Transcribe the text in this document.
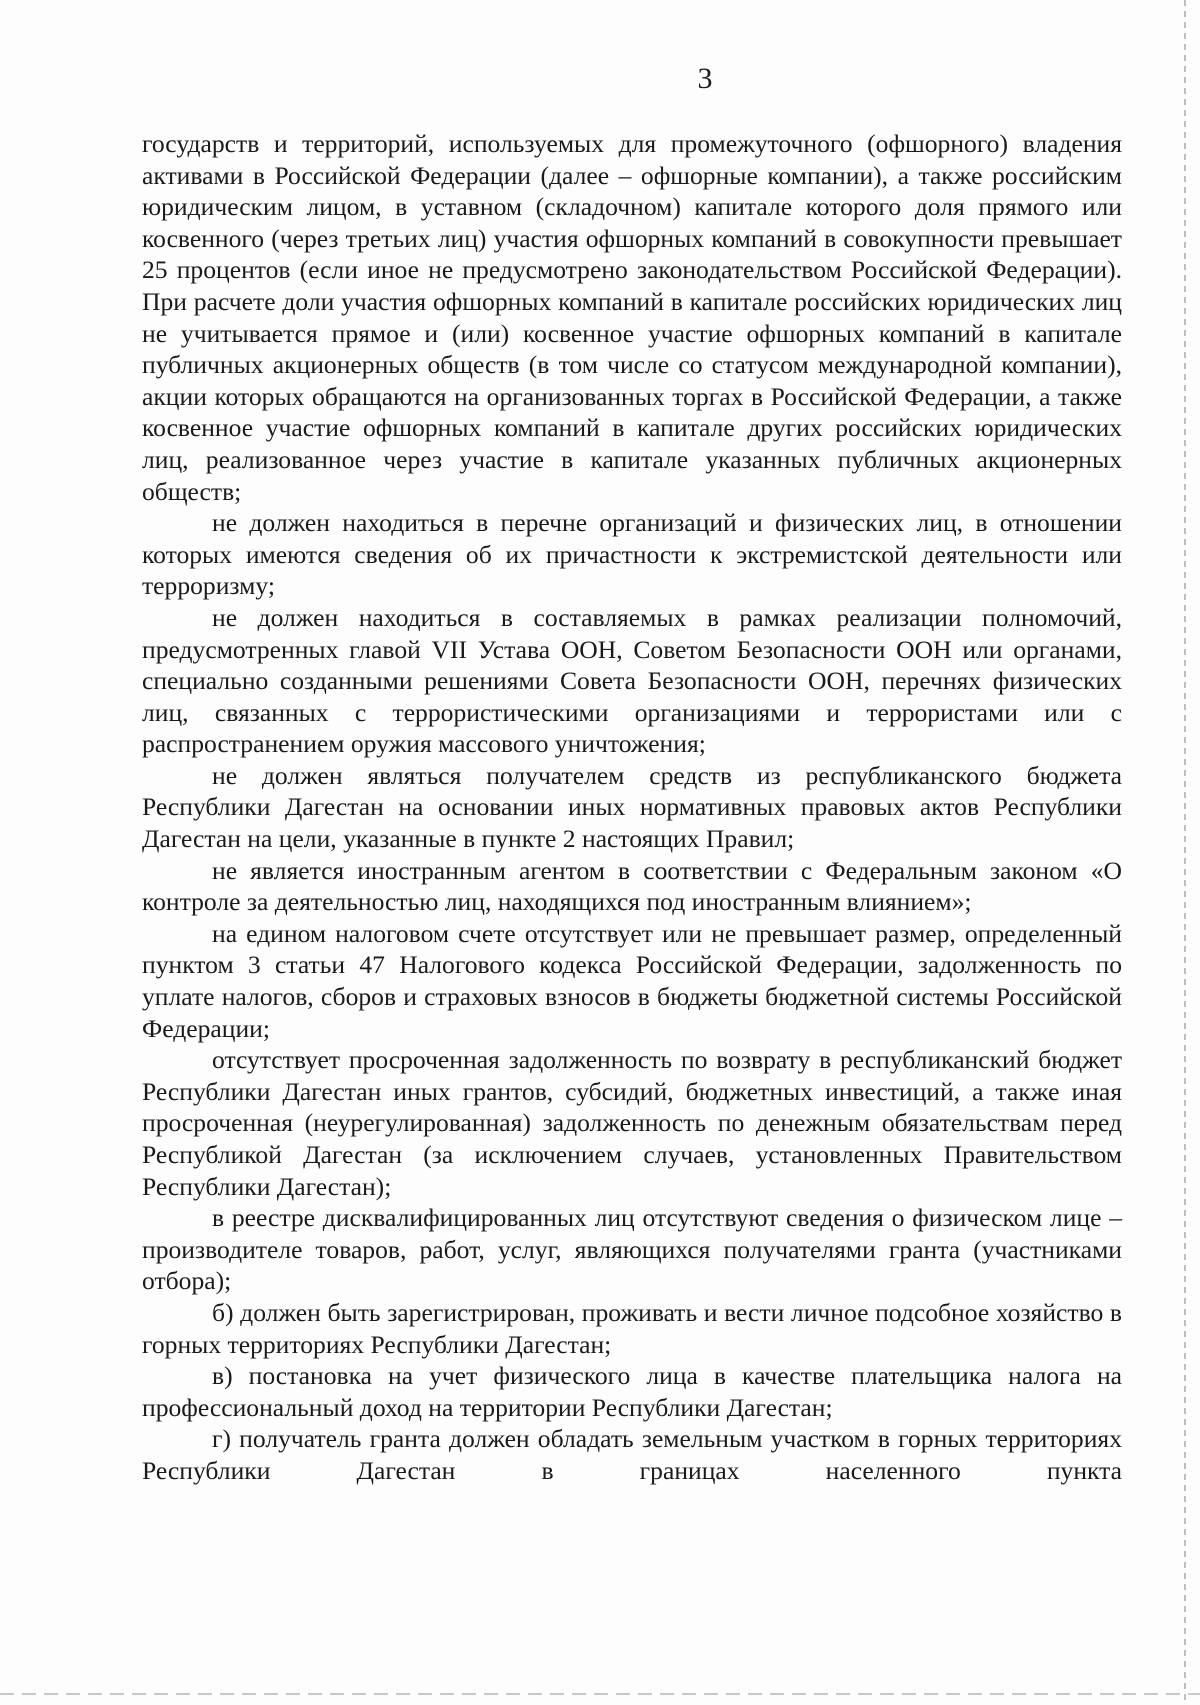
3

государств и территорий, используемых для промежуточного (офшорного) владения активами в Российской Федерации (далее – офшорные компании), а также российским юридическим лицом, в уставном (складочном) капитале которого доля прямого или косвенного (через третьих лиц) участия офшорных компаний в совокупности превышает 25 процентов (если иное не предусмотрено законодательством Российской Федерации). При расчете доли участия офшорных компаний в капитале российских юридических лиц не учитывается прямое и (или) косвенное участие офшорных компаний в капитале публичных акционерных обществ (в том числе со статусом международной компании), акции которых обращаются на организованных торгах в Российской Федерации, а также косвенное участие офшорных компаний в капитале других российских юридических лиц, реализованное через участие в капитале указанных публичных акционерных обществ;

не должен находиться в перечне организаций и физических лиц, в отношении которых имеются сведения об их причастности к экстремистской деятельности или терроризму;

не должен находиться в составляемых в рамках реализации полномочий, предусмотренных главой VII Устава ООН, Советом Безопасности ООН или органами, специально созданными решениями Совета Безопасности ООН, перечнях физических лиц, связанных с террористическими организациями и террористами или с распространением оружия массового уничтожения;

не должен являться получателем средств из республиканского бюджета Республики Дагестан на основании иных нормативных правовых актов Республики Дагестан на цели, указанные в пункте 2 настоящих Правил;

не является иностранным агентом в соответствии с Федеральным законом «О контроле за деятельностью лиц, находящихся под иностранным влиянием»;

на едином налоговом счете отсутствует или не превышает размер, определенный пунктом 3 статьи 47 Налогового кодекса Российской Федерации, задолженность по уплате налогов, сборов и страховых взносов в бюджеты бюджетной системы Российской Федерации;

отсутствует просроченная задолженность по возврату в республиканский бюджет Республики Дагестан иных грантов, субсидий, бюджетных инвестиций, а также иная просроченная (неурегулированная) задолженность по денежным обязательствам перед Республикой Дагестан (за исключением случаев, установленных Правительством Республики Дагестан);

в реестре дисквалифицированных лиц отсутствуют сведения о физическом лице – производителе товаров, работ, услуг, являющихся получателями гранта (участниками отбора);

б) должен быть зарегистрирован, проживать и вести личное подсобное хозяйство в горных территориях Республики Дагестан;

в) постановка на учет физического лица в качестве плательщика налога на профессиональный доход на территории Республики Дагестан;

г) получатель гранта должен обладать земельным участком в горных территориях Республики Дагестан в границах населенного пункта
